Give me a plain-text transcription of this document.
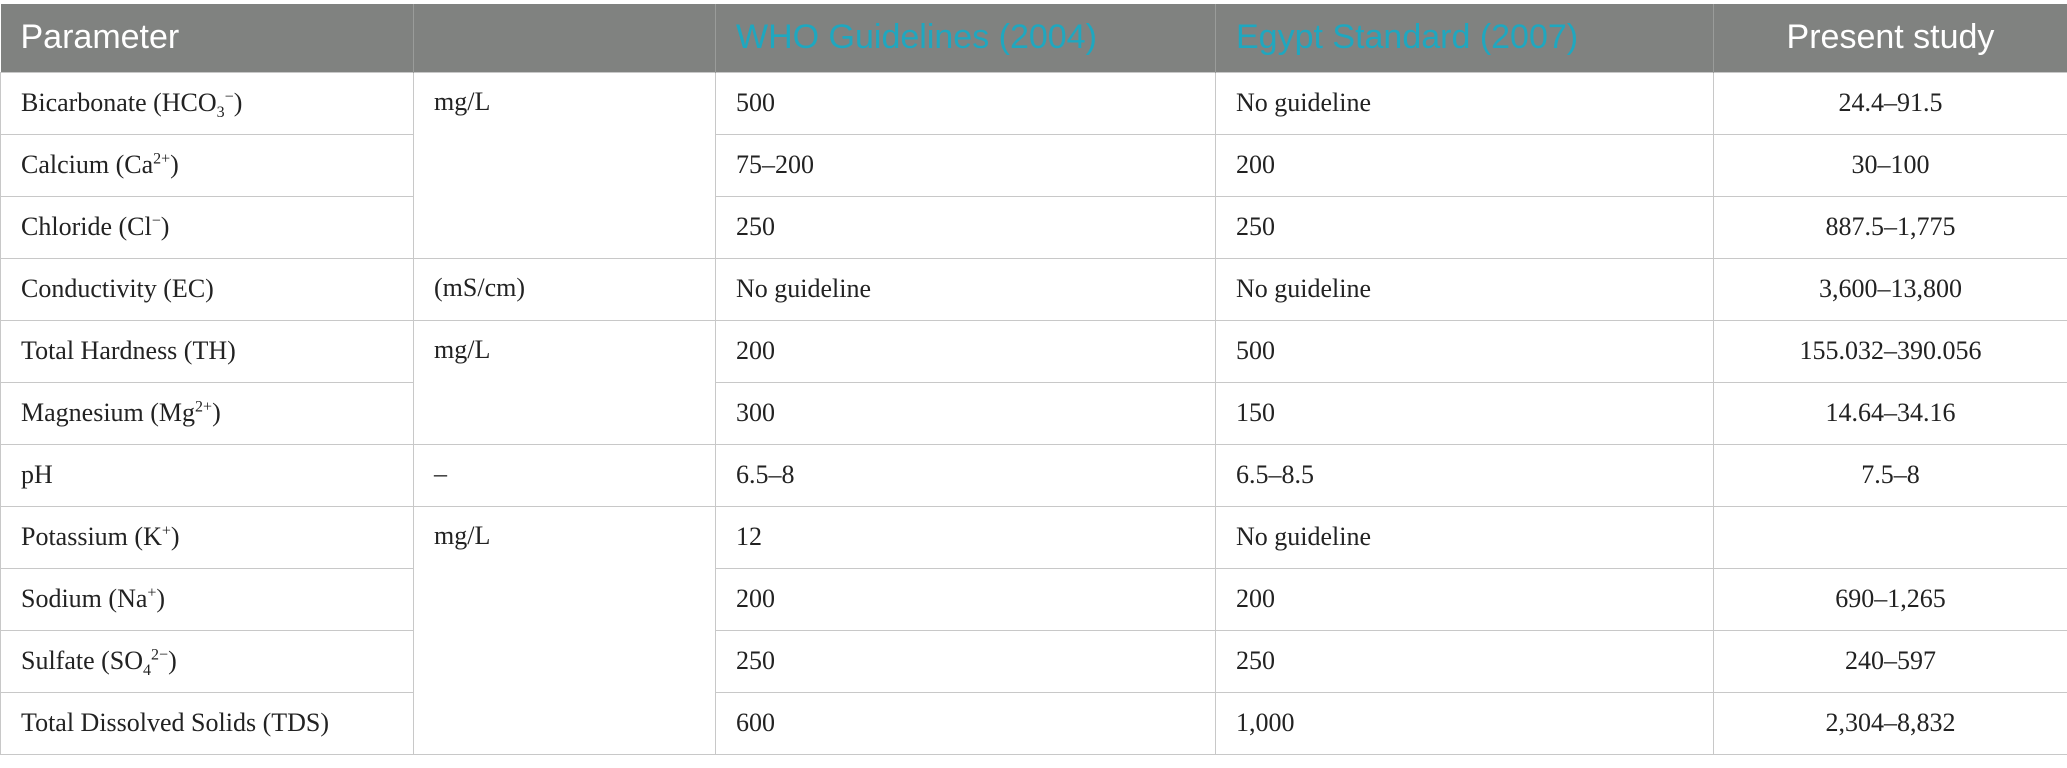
Parameter		WHO Guidelines (2004)	Egypt Standard (2007)	Present study
Bicarbonate $(HCO_3^-)$	mg/L	500	No guideline	24.4–91.5
Calcium $(Ca^{2+})$		75–200	200	30–100
Chloride (Cl−)		250	250	887.5–1,775
Conductivity (EC)	(mS/cm)	No guideline	No guideline	3,600–13,800
Total Hardness (TH)	mg/L	200	500	155.032–390.056
Magnesium $(Mg^{2+})$		300	150	14.64–34.16
pH	–	6.5–8	6.5–8.5	7.5–8
Potassium (K+)	mg/L	12	No guideline	
Sodium (Na+)		200	200	690–1,265
Sulfate $(SO_4^{2-})$		250	250	240–597
Total Dissolved Solids (TDS)		600	1,000	2,304–8,832
